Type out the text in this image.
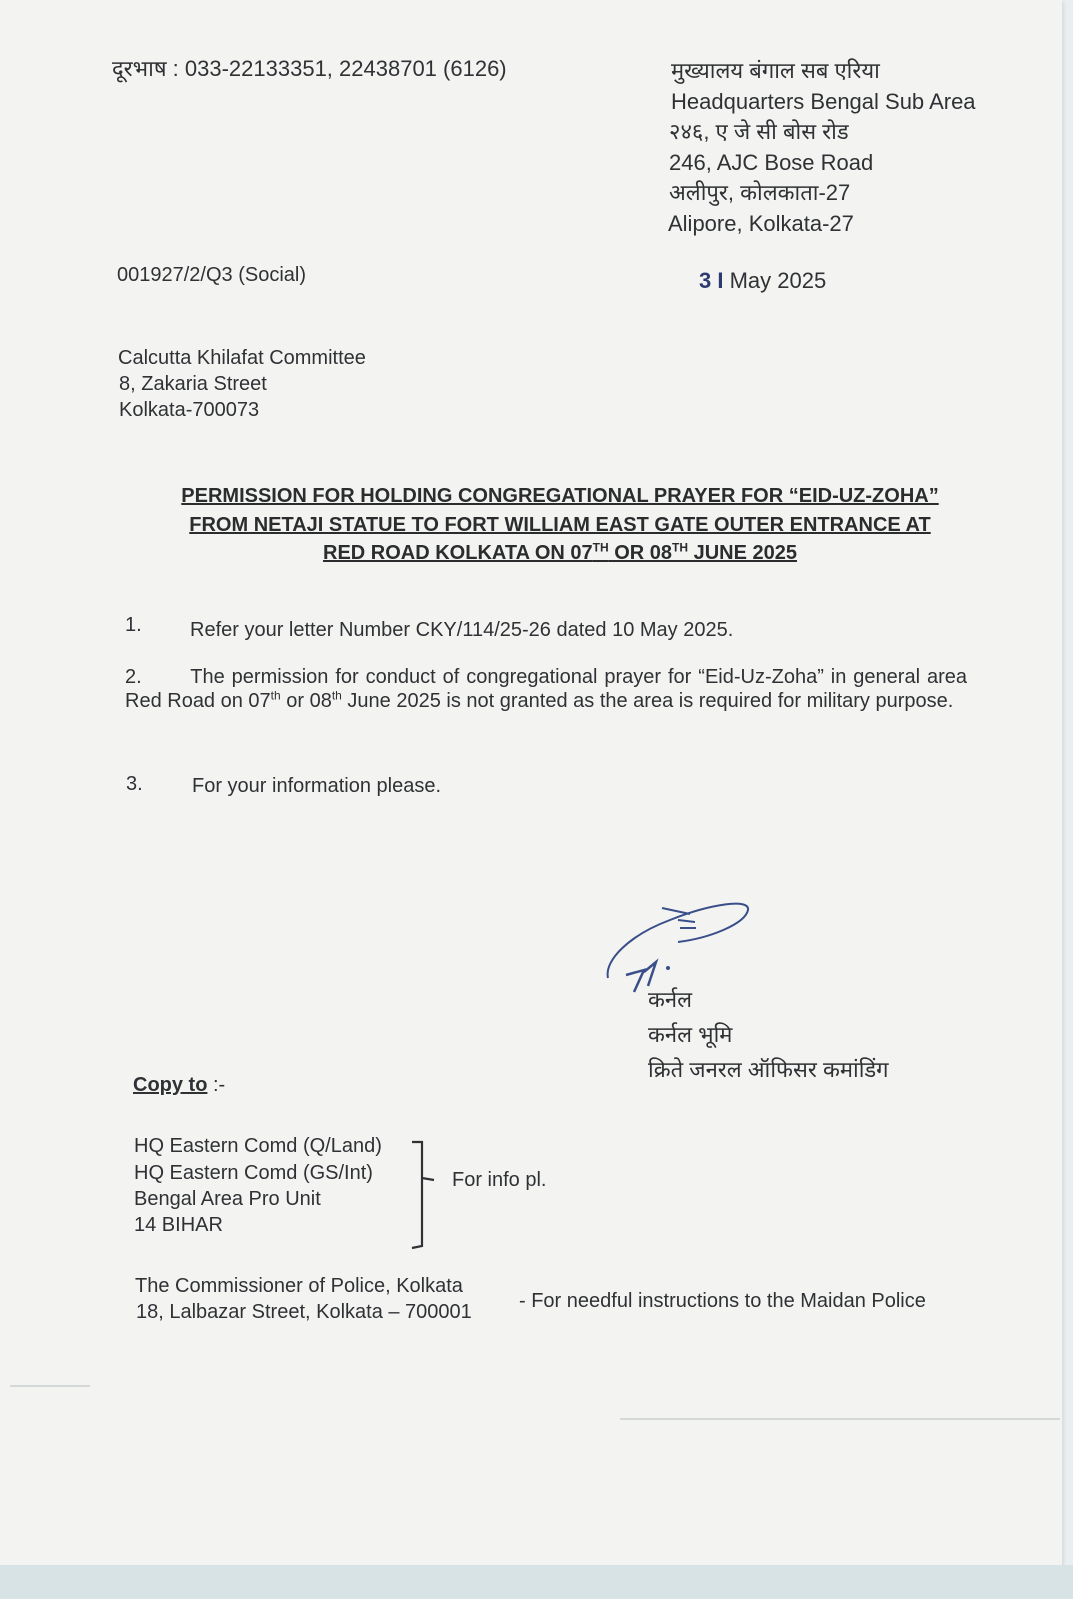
दूरभाष : 033-22133351, 22438701 (6126)	मुख्यालय बंगाल सब एरिया
Headquarters Bengal Sub Area
२४६, ए जे सी बोस रोड
246, AJC Bose Road
अलीपुर, कोलकाता-27
Alipore, Kolkata-27
001927/2/Q3 (Social)	3 I May 2025
Calcutta Khilafat Committee
8, Zakaria Street
Kolkata-700073
PERMISSION FOR HOLDING CONGREGATIONAL PRAYER FOR “EID-UZ-ZOHA”
FROM NETAJI STATUE TO FORT WILLIAM EAST GATE OUTER ENTRANCE AT
RED ROAD KOLKATA ON 07TH OR 08TH JUNE 2025
1. Refer your letter Number CKY/114/25-26 dated 10 May 2025.
2. The permission for conduct of congregational prayer for “Eid-Uz-Zoha” in general area Red Road on 07th or 08th June 2025 is not granted as the area is required for military purpose.
3. For your information please.
कर्नल
कर्नल भूमि
क्रिते जनरल ऑफिसर कमांडिंग
Copy to :-
HQ Eastern Comd (Q/Land)
HQ Eastern Comd (GS/Int)
Bengal Area Pro Unit
14 BIHAR
For info pl.
The Commissioner of Police, Kolkata
18, Lalbazar Street, Kolkata – 700001 - For needful instructions to the Maidan Police
